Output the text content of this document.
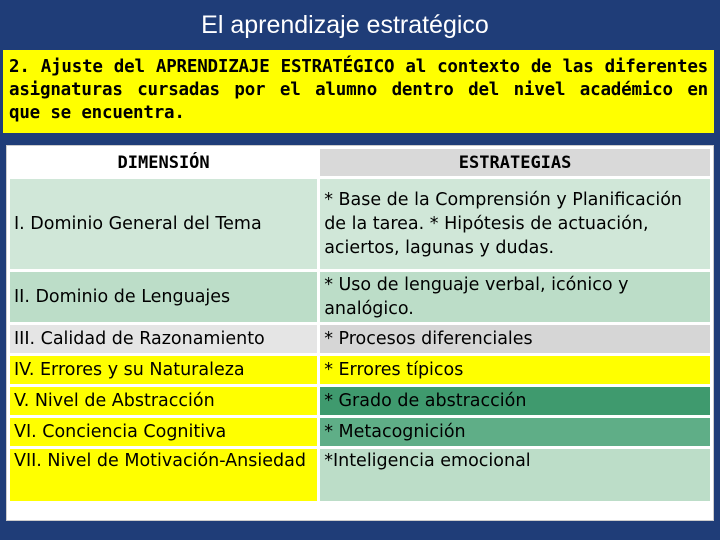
El aprendizaje estratégico
2. Ajuste del APRENDIZAJE ESTRATÉGICO al contexto de las diferentes asignaturas cursadas por el alumno dentro del nivel académico en que se encuentra.
DIMENSIÓN	ESTRATEGIAS
I. Dominio General del Tema	* Base de la Comprensión y Planificación de la tarea. * Hipótesis de actuación, aciertos, lagunas y dudas.
II. Dominio de Lenguajes	* Uso de lenguaje verbal, icónico y analógico.
III. Calidad de Razonamiento	* Procesos diferenciales
IV. Errores y su Naturaleza	* Errores típicos
V. Nivel de Abstracción	* Grado de abstracción
VI. Conciencia Cognitiva	* Metacognición
VII. Nivel de Motivación-Ansiedad	*Inteligencia emocional
